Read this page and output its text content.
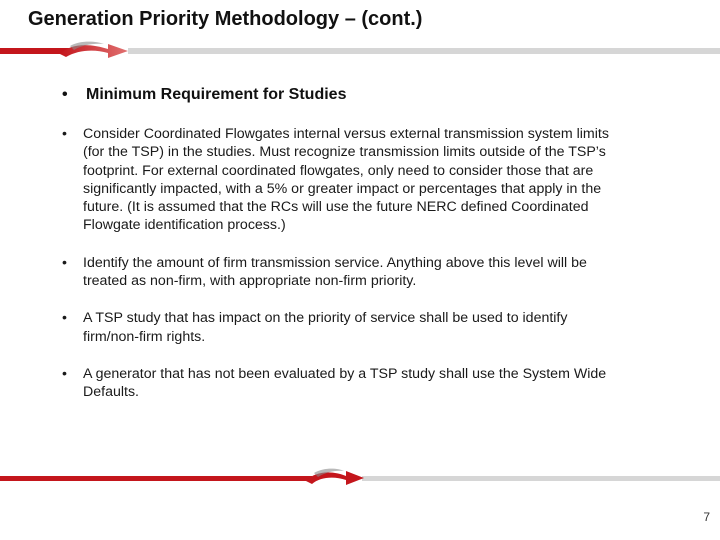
Generation Priority Methodology – (cont.)
• Minimum Requirement for Studies
• Consider Coordinated Flowgates internal versus external transmission system limits (for the TSP) in the studies. Must recognize transmission limits outside of the TSP’s footprint. For external coordinated flowgates, only need to consider those that are significantly impacted, with a 5% or greater impact or percentages that apply in the future. (It is assumed that the RCs will use the future NERC defined Coordinated Flowgate identification process.)
• Identify the amount of firm transmission service. Anything above this level will be treated as non-firm, with appropriate non-firm priority.
• A TSP study that has impact on the priority of service shall be used to identify firm/non-firm rights.
• A generator that has not been evaluated by a TSP study shall use the System Wide Defaults.
7
